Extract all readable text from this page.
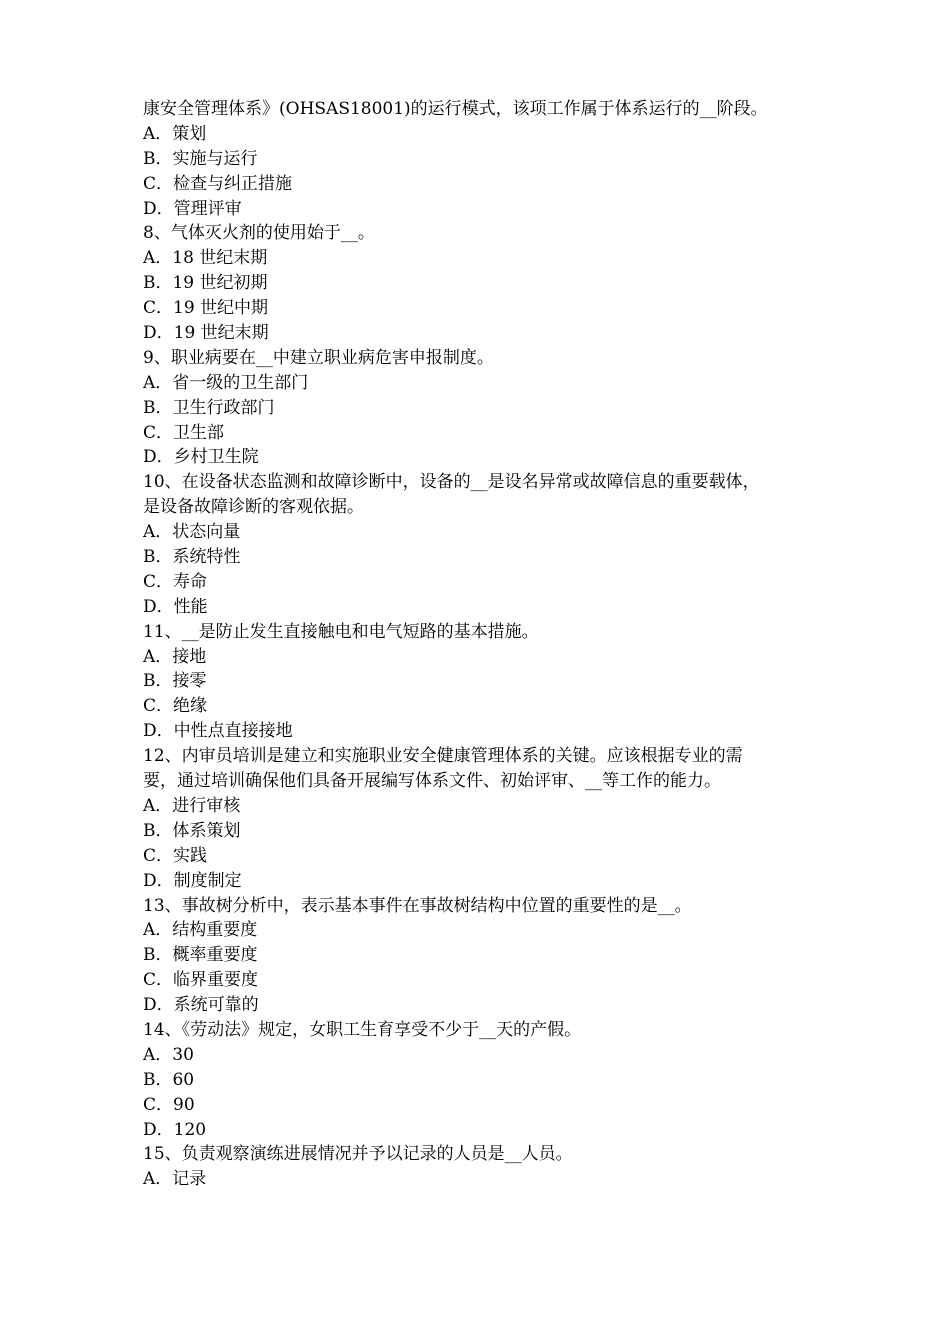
康安全管理体系》(OHSAS18001)的运行模式，该项工作属于体系运行的__阶段。
A．策划
B．实施与运行
C．检查与纠正措施
D．管理评审
8、气体灭火剂的使用始于__。
A．18 世纪末期
B．19 世纪初期
C．19 世纪中期
D．19 世纪末期
9、职业病要在__中建立职业病危害申报制度。
A．省一级的卫生部门
B．卫生行政部门
C．卫生部
D．乡村卫生院
10、在设备状态监测和故障诊断中，设备的__是设名异常或故障信息的重要载体，
是设备故障诊断的客观依据。
A．状态向量
B．系统特性
C．寿命
D．性能
11、__是防止发生直接触电和电气短路的基本措施。
A．接地
B．接零
C．绝缘
D．中性点直接接地
12、内审员培训是建立和实施职业安全健康管理体系的关键。应该根据专业的需
要，通过培训确保他们具备开展编写体系文件、初始评审、__等工作的能力。
A．进行审核
B．体系策划
C．实践
D．制度制定
13、事故树分析中，表示基本事件在事故树结构中位置的重要性的是__。
A．结构重要度
B．概率重要度
C．临界重要度
D．系统可靠的
14、《劳动法》规定，女职工生育享受不少于__天的产假。
A．30
B．60
C．90
D．120
15、负责观察演练进展情况并予以记录的人员是__人员。
A．记录
